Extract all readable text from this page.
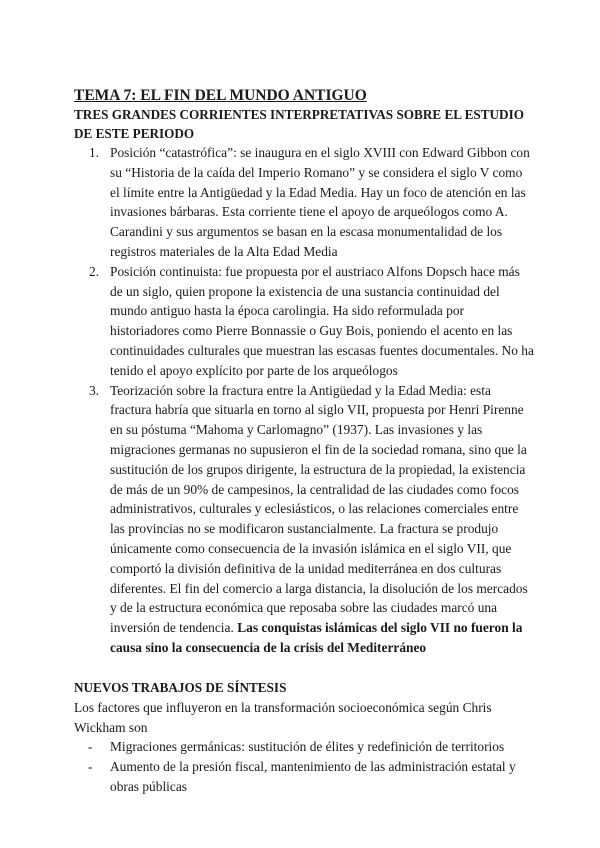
TEMA 7: EL FIN DEL MUNDO ANTIGUO

TRES GRANDES CORRIENTES INTERPRETATIVAS SOBRE EL ESTUDIO DE ESTE PERIODO

1. Posición “catastrófica”: se inaugura en el siglo XVIII con Edward Gibbon con su “Historia de la caída del Imperio Romano” y se considera el siglo V como el límite entre la Antigüedad y la Edad Media. Hay un foco de atención en las invasiones bárbaras. Esta corriente tiene el apoyo de arqueólogos como A. Carandini y sus argumentos se basan en la escasa monumentalidad de los registros materiales de la Alta Edad Media
2. Posición continuista: fue propuesta por el austriaco Alfons Dopsch hace más de un siglo, quien propone la existencia de una sustancia continuidad del mundo antiguo hasta la época carolingia. Ha sido reformulada por historiadores como Pierre Bonnassie o Guy Bois, poniendo el acento en las continuidades culturales que muestran las escasas fuentes documentales. No ha tenido el apoyo explícito por parte de los arqueólogos
3. Teorización sobre la fractura entre la Antigüedad y la Edad Media: esta fractura habría que situarla en torno al siglo VII, propuesta por Henri Pirenne en su póstuma “Mahoma y Carlomagno” (1937). Las invasiones y las migraciones germanas no supusieron el fin de la sociedad romana, sino que la sustitución de los grupos dirigente, la estructura de la propiedad, la existencia de más de un 90% de campesinos, la centralidad de las ciudades como focos administrativos, culturales y eclesiásticos, o las relaciones comerciales entre las provincias no se modificaron sustancialmente. La fractura se produjo únicamente como consecuencia de la invasión islámica en el siglo VII, que comportó la división definitiva de la unidad mediterránea en dos culturas diferentes. El fin del comercio a larga distancia, la disolución de los mercados y de la estructura económica que reposaba sobre las ciudades marcó una inversión de tendencia. Las conquistas islámicas del siglo VII no fueron la causa sino la consecuencia de la crisis del Mediterráneo

NUEVOS TRABAJOS DE SÍNTESIS

Los factores que influyeron en la transformación socioeconómica según Chris Wickham son

- Migraciones germánicas: sustitución de élites y redefinición de territorios
- Aumento de la presión fiscal, mantenimiento de las administración estatal y obras públicas
